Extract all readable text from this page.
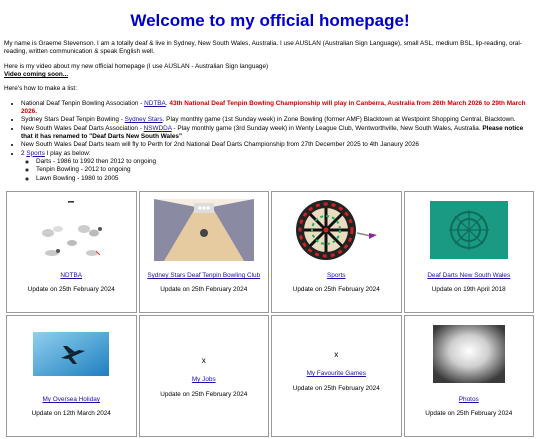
Welcome to my official homepage!

My name is Graeme Stevenson. I am a totally deaf & live in Sydney, New South Wales, Australia. I use AUSLAN (Australian Sign Language), small ASL, medium BSL, lip-reading, oral-reading, written communication & speak English well.

Here is my video about my new official homepage (I use AUSLAN - Australian Sign language)
Video coming soon...

Here's how to make a list:

• National Deaf Tenpin Bowling Association - NDTBA. 43th National Deaf Tenpin Bowling Championship will play in Canberra, Australia from 26th March 2026 to 29th March 2026.
• Sydney Stars Deaf Tenpin Bowling - Sydney Stars. Play monthly game (1st Sunday week) in Zone Bowling (former AMF) Blacktown at Westpoint Shopping Central, Blacktown.
• New South Wales Deaf Darts Association - NSWDDA - Play monthly game (3rd Sunday week) in Wenty League Club, Wentworthville, New South Wales, Australia. Please notice that it has renamed to "Deaf Darts New South Wales"
• New South Wales Deaf Darts team will fly to Perth for 2nd National Deaf Darts Championship from 27th December 2025 to 4th Janaury 2026
• 2 Sports I play as below:
◦ Darts - 1986 to 1992 then 2012 to ongoing
◦ Tenpin Bowling - 2012 to ongoing
◦ Lawn Bowling - 1980 to 2005
NDTBA
Update on 25th February 2024	Sydney Stars Deaf Tenpin Bowling Club
Update on 25th February 2024	Sports
Update on 25th February 2024	Deaf Darts New South Wales
Update on 19th April 2018

My Oversea Holiday
Update on 12th March 2024	x
My Jobs
Update on 25th February 2024	x
My Favourite Games
Update on 25th February 2024	Photos
Update on 25th February 2024
